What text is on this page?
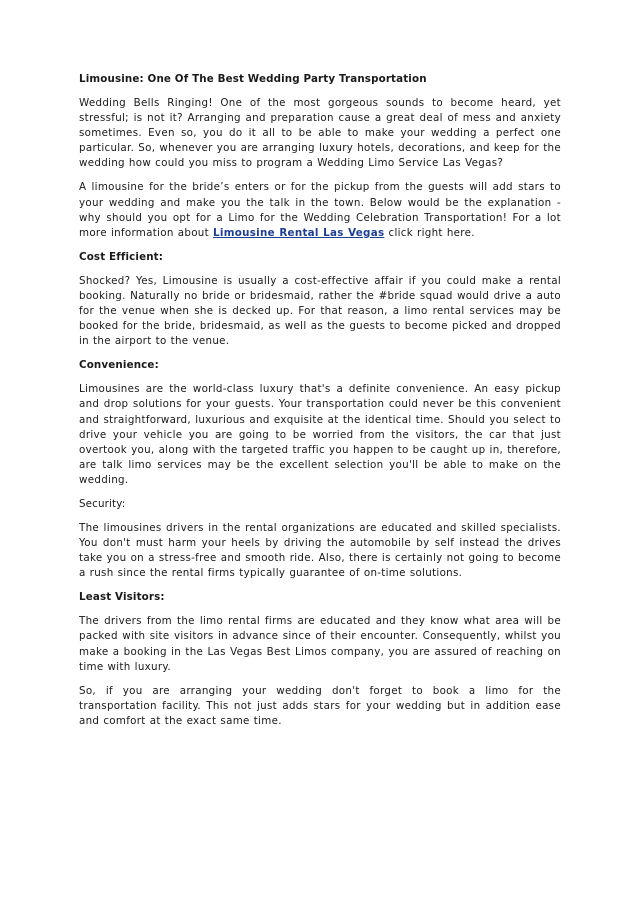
Limousine: One Of The Best Wedding Party Transportation

Wedding Bells Ringing! One of the most gorgeous sounds to become heard, yet stressful; is not it? Arranging and preparation cause a great deal of mess and anxiety sometimes. Even so, you do it all to be able to make your wedding a perfect one particular. So, whenever you are arranging luxury hotels, decorations, and keep for the wedding how could you miss to program a Wedding Limo Service Las Vegas?

A limousine for the bride’s enters or for the pickup from the guests will add stars to your wedding and make you the talk in the town. Below would be the explanation - why should you opt for a Limo for the Wedding Celebration Transportation! For a lot more information about Limousine Rental Las Vegas click right here.

Cost Efficient:

Shocked? Yes, Limousine is usually a cost-effective affair if you could make a rental booking. Naturally no bride or bridesmaid, rather the #bride squad would drive a auto for the venue when she is decked up. For that reason, a limo rental services may be booked for the bride, bridesmaid, as well as the guests to become picked and dropped in the airport to the venue.

Convenience:

Limousines are the world-class luxury that's a definite convenience. An easy pickup and drop solutions for your guests. Your transportation could never be this convenient and straightforward, luxurious and exquisite at the identical time. Should you select to drive your vehicle you are going to be worried from the visitors, the car that just overtook you, along with the targeted traffic you happen to be caught up in, therefore, are talk limo services may be the excellent selection you'll be able to make on the wedding.

Security:

The limousines drivers in the rental organizations are educated and skilled specialists. You don't must harm your heels by driving the automobile by self instead the drives take you on a stress-free and smooth ride. Also, there is certainly not going to become a rush since the rental firms typically guarantee of on-time solutions.

Least Visitors:

The drivers from the limo rental firms are educated and they know what area will be packed with site visitors in advance since of their encounter. Consequently, whilst you make a booking in the Las Vegas Best Limos company, you are assured of reaching on time with luxury.

So, if you are arranging your wedding don't forget to book a limo for the transportation facility. This not just adds stars for your wedding but in addition ease and comfort at the exact same time.
